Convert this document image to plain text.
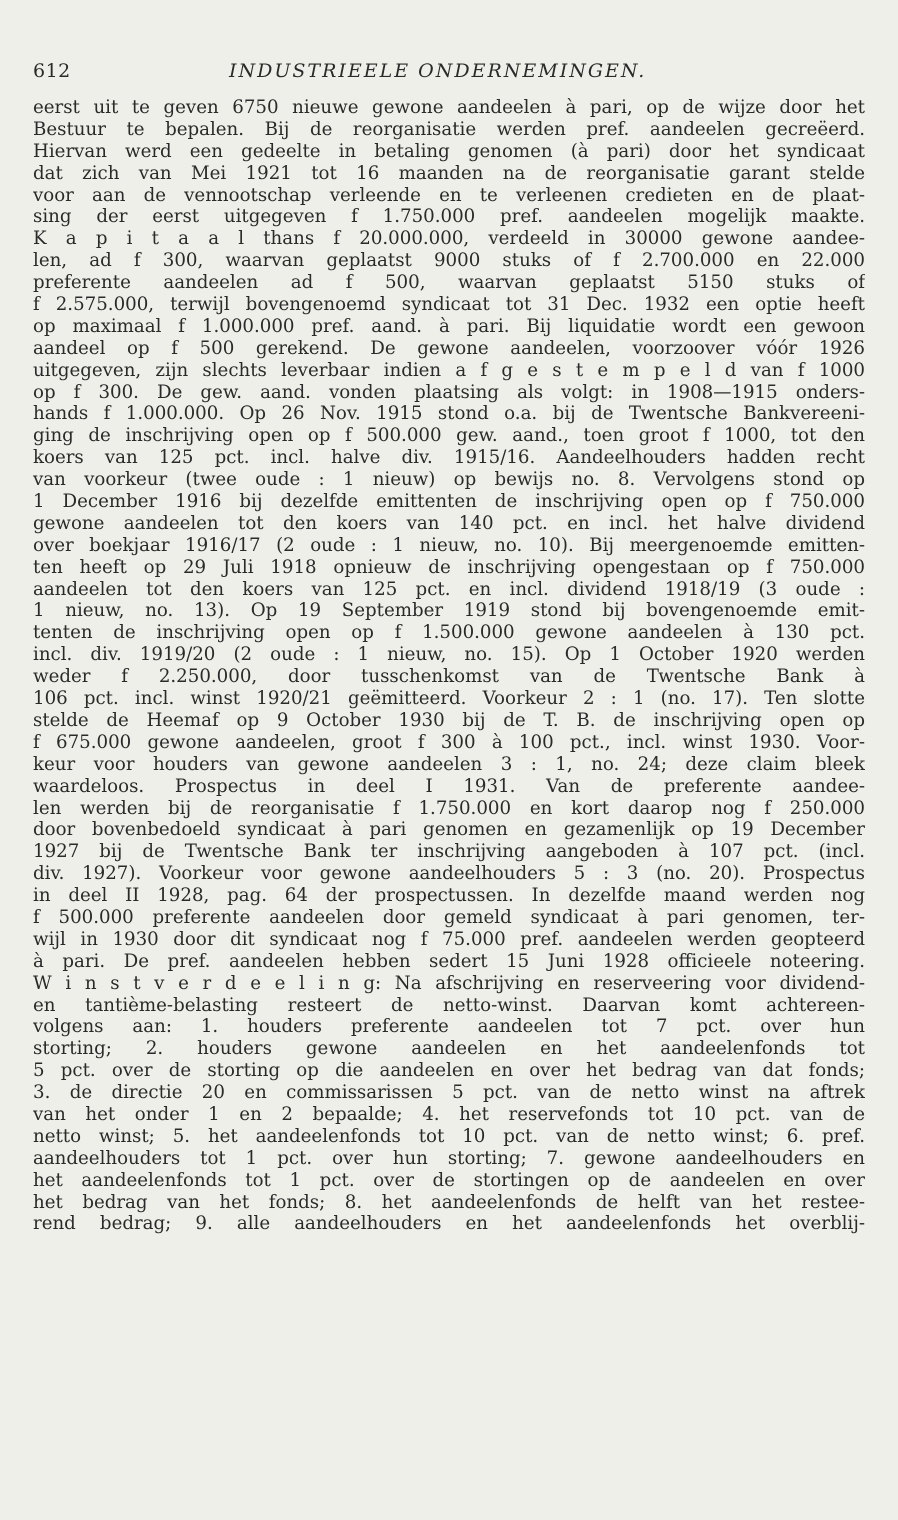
612	INDUSTRIEELE ONDERNEMINGEN.
eerst uit te geven 6750 nieuwe gewone aandeelen à pari, op de wijze door het
Bestuur te bepalen. Bij de reorganisatie werden pref. aandeelen gecreëerd.
Hiervan werd een gedeelte in betaling genomen (à pari) door het syndicaat
dat zich van Mei 1921 tot 16 maanden na de reorganisatie garant stelde
voor aan de vennootschap verleende en te verleenen credieten en de plaat-
sing der eerst uitgegeven f 1.750.000 pref. aandeelen mogelijk maakte.
K a p i t a a l thans f 20.000.000, verdeeld in 30000 gewone aandee-
len, ad f 300, waarvan geplaatst 9000 stuks of f 2.700.000 en 22.000
preferente aandeelen ad f 500, waarvan geplaatst 5150 stuks of
f 2.575.000, terwijl bovengenoemd syndicaat tot 31 Dec. 1932 een optie heeft
op maximaal f 1.000.000 pref. aand. à pari. Bij liquidatie wordt een gewoon
aandeel op f 500 gerekend. De gewone aandeelen, voorzoover vóór 1926
uitgegeven, zijn slechts leverbaar indien a f g e s t e m p e l d van f 1000
op f 300. De gew. aand. vonden plaatsing als volgt: in 1908—1915 onders-
hands f 1.000.000. Op 26 Nov. 1915 stond o.a. bij de Twentsche Bankvereeni-
ging de inschrijving open op f 500.000 gew. aand., toen groot f 1000, tot den
koers van 125 pct. incl. halve div. 1915/16. Aandeelhouders hadden recht
van voorkeur (twee oude : 1 nieuw) op bewijs no. 8. Vervolgens stond op
1 December 1916 bij dezelfde emittenten de inschrijving open op f 750.000
gewone aandeelen tot den koers van 140 pct. en incl. het halve dividend
over boekjaar 1916/17 (2 oude : 1 nieuw, no. 10). Bij meergenoemde emitten-
ten heeft op 29 Juli 1918 opnieuw de inschrijving opengestaan op f 750.000
aandeelen tot den koers van 125 pct. en incl. dividend 1918/19 (3 oude :
1 nieuw, no. 13). Op 19 September 1919 stond bij bovengenoemde emit-
tenten de inschrijving open op f 1.500.000 gewone aandeelen à 130 pct.
incl. div. 1919/20 (2 oude : 1 nieuw, no. 15). Op 1 October 1920 werden
weder f 2.250.000, door tusschenkomst van de Twentsche Bank à
106 pct. incl. winst 1920/21 geëmitteerd. Voorkeur 2 : 1 (no. 17). Ten slotte
stelde de Heemaf op 9 October 1930 bij de T. B. de inschrijving open op
f 675.000 gewone aandeelen, groot f 300 à 100 pct., incl. winst 1930. Voor-
keur voor houders van gewone aandeelen 3 : 1, no. 24; deze claim bleek
waardeloos. Prospectus in deel I 1931. Van de preferente aandee-
len werden bij de reorganisatie f 1.750.000 en kort daarop nog f 250.000
door bovenbedoeld syndicaat à pari genomen en gezamenlijk op 19 December
1927 bij de Twentsche Bank ter inschrijving aangeboden à 107 pct. (incl.
div. 1927). Voorkeur voor gewone aandeelhouders 5 : 3 (no. 20). Prospectus
in deel II 1928, pag. 64 der prospectussen. In dezelfde maand werden nog
f 500.000 preferente aandeelen door gemeld syndicaat à pari genomen, ter-
wijl in 1930 door dit syndicaat nog f 75.000 pref. aandeelen werden geopteerd
à pari. De pref. aandeelen hebben sedert 15 Juni 1928 officieele noteering.
W i n s t v e r d e e l i n g: Na afschrijving en reserveering voor dividend-
en tantième-belasting resteert de netto-winst. Daarvan komt achtereen-
volgens aan: 1. houders preferente aandeelen tot 7 pct. over hun
storting; 2. houders gewone aandeelen en het aandeelenfonds tot
5 pct. over de storting op die aandeelen en over het bedrag van dat fonds;
3. de directie 20 en commissarissen 5 pct. van de netto winst na aftrek
van het onder 1 en 2 bepaalde; 4. het reservefonds tot 10 pct. van de
netto winst; 5. het aandeelenfonds tot 10 pct. van de netto winst; 6. pref.
aandeelhouders tot 1 pct. over hun storting; 7. gewone aandeelhouders en
het aandeelenfonds tot 1 pct. over de stortingen op de aandeelen en over
het bedrag van het fonds; 8. het aandeelenfonds de helft van het restee-
rend bedrag; 9. alle aandeelhouders en het aandeelenfonds het overblij-
